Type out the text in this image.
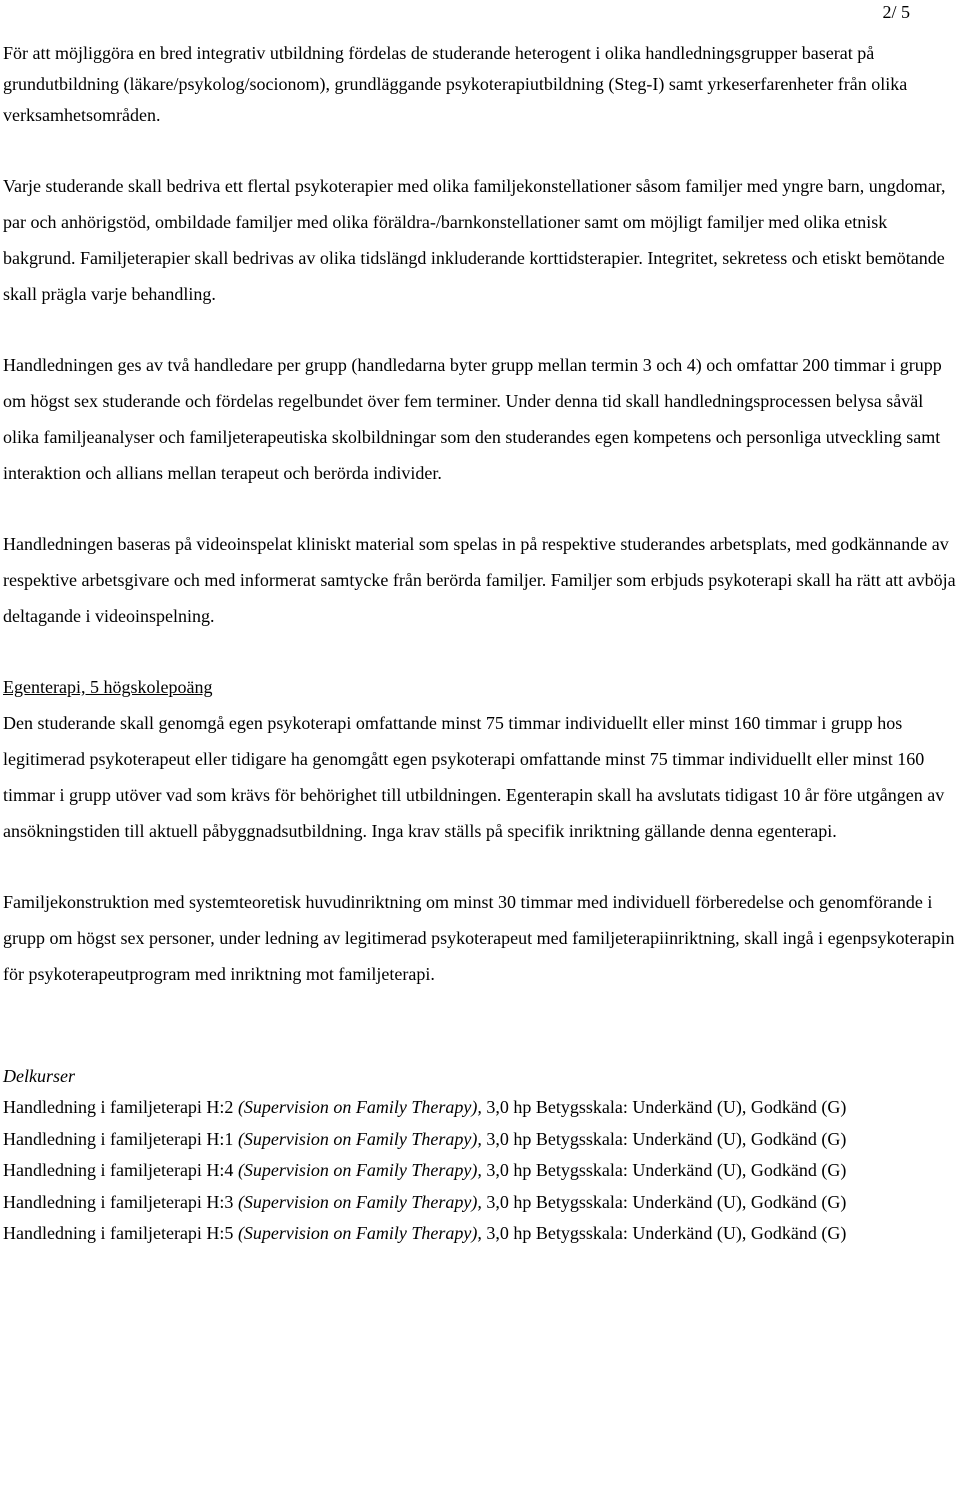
2/ 5

För att möjliggöra en bred integrativ utbildning fördelas de studerande heterogent i olika handledningsgrupper baserat på grundutbildning (läkare/psykolog/socionom), grundläggande psykoterapiutbildning (Steg-I) samt yrkeserfarenheter från olika verksamhetsområden.

Varje studerande skall bedriva ett flertal psykoterapier med olika familjekonstellationer såsom familjer med yngre barn, ungdomar, par och anhörigstöd, ombildade familjer med olika föräldra-/barnkonstellationer samt om möjligt familjer med olika etnisk bakgrund. Familjeterapier skall bedrivas av olika tidslängd inkluderande korttidsterapier. Integritet, sekretess och etiskt bemötande skall prägla varje behandling.

Handledningen ges av två handledare per grupp (handledarna byter grupp mellan termin 3 och 4) och omfattar 200 timmar i grupp om högst sex studerande och fördelas regelbundet över fem terminer. Under denna tid skall handledningsprocessen belysa såväl olika familjeanalyser och familjeterapeutiska skolbildningar som den studerandes egen kompetens och personliga utveckling samt interaktion och allians mellan terapeut och berörda individer.

Handledningen baseras på videoinspelat kliniskt material som spelas in på respektive studerandes arbetsplats, med godkännande av respektive arbetsgivare och med informerat samtycke från berörda familjer. Familjer som erbjuds psykoterapi skall ha rätt att avböja deltagande i videoinspelning.

Egenterapi, 5 högskolepoäng

Den studerande skall genomgå egen psykoterapi omfattande minst 75 timmar individuellt eller minst 160 timmar i grupp hos legitimerad psykoterapeut eller tidigare ha genomgått egen psykoterapi omfattande minst 75 timmar individuellt eller minst 160 timmar i grupp utöver vad som krävs för behörighet till utbildningen. Egenterapin skall ha avslutats tidigast 10 år före utgången av ansökningstiden till aktuell påbyggnadsutbildning. Inga krav ställs på specifik inriktning gällande denna egenterapi.

Familjekonstruktion med systemteoretisk huvudinriktning om minst 30 timmar med individuell förberedelse och genomförande i grupp om högst sex personer, under ledning av legitimerad psykoterapeut med familjeterapiinriktning, skall ingå i egenpsykoterapin för psykoterapeutprogram med inriktning mot familjeterapi.

Delkurser
Handledning i familjeterapi H:2 (Supervision on Family Therapy), 3,0 hp Betygsskala: Underkänd (U), Godkänd (G)
Handledning i familjeterapi H:1 (Supervision on Family Therapy), 3,0 hp Betygsskala: Underkänd (U), Godkänd (G)
Handledning i familjeterapi H:4 (Supervision on Family Therapy), 3,0 hp Betygsskala: Underkänd (U), Godkänd (G)
Handledning i familjeterapi H:3 (Supervision on Family Therapy), 3,0 hp Betygsskala: Underkänd (U), Godkänd (G)
Handledning i familjeterapi H:5 (Supervision on Family Therapy), 3,0 hp Betygsskala: Underkänd (U), Godkänd (G)
